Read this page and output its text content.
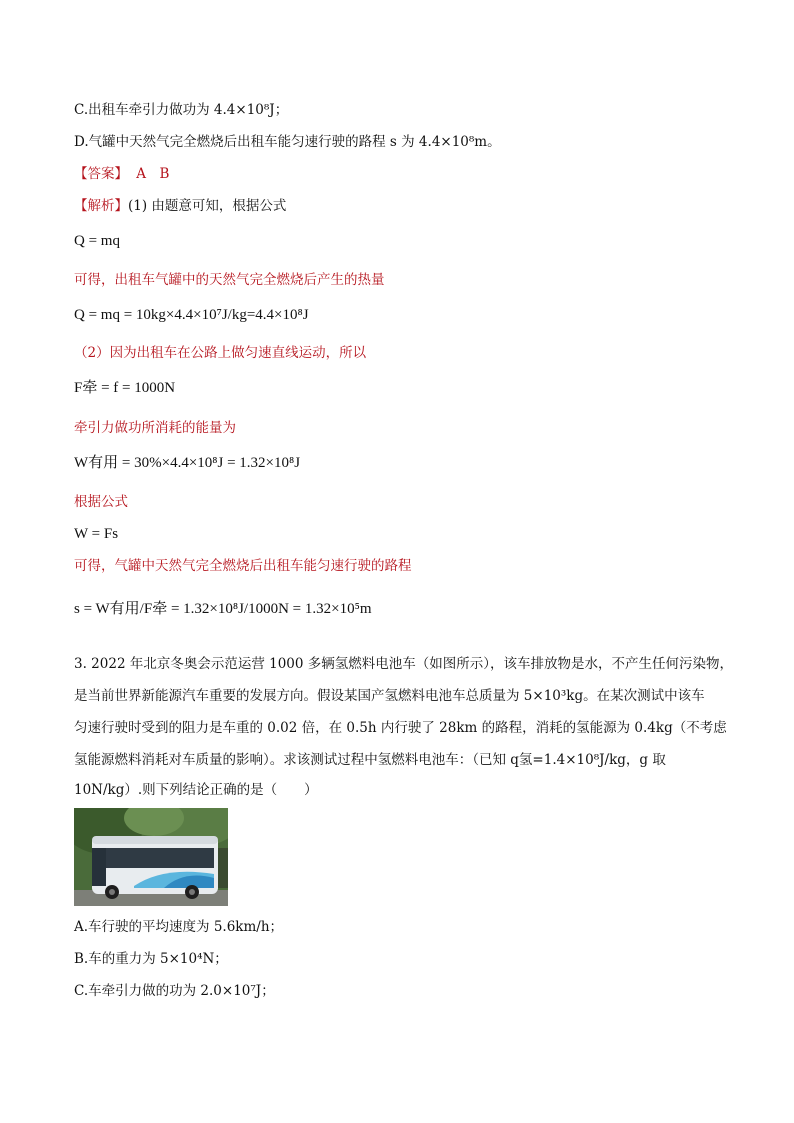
C.出租车牵引力做功为 4.4×10⁸J；
D.气罐中天然气完全燃烧后出租车能匀速行驶的路程 s 为 4.4×10⁸m。
【答案】 A　B
【解析】(1) 由题意可知，根据公式
Q = mq
可得，出租车气罐中的天然气完全燃烧后产生的热量
Q = mq = 10kg×4.4×10⁷J/kg=4.4×10⁸J
（2）因为出租车在公路上做匀速直线运动，所以
F牵 = f = 1000N
牵引力做功所消耗的能量为
W有用 = 30%×4.4×10⁸J = 1.32×10⁸J
根据公式
W = Fs
可得，气罐中天然气完全燃烧后出租车能匀速行驶的路程
s = W有用/F牵 = 1.32×10⁸J/1000N = 1.32×10⁵m
3. 2022 年北京冬奥会示范运营 1000 多辆氢燃料电池车（如图所示），该车排放物是水，不产生任何污染物，
是当前世界新能源汽车重要的发展方向。假设某国产氢燃料电池车总质量为 5×10³kg。在某次测试中该车
匀速行驶时受到的阻力是车重的 0.02 倍，在 0.5h 内行驶了 28km 的路程，消耗的氢能源为 0.4kg（不考虑
氢能源燃料消耗对车质量的影响）。求该测试过程中氢燃料电池车：（已知 q氢=1.4×10⁸J/kg，g 取
10N/kg）.则下列结论正确的是（　　）
A.车行驶的平均速度为 5.6km/h；
B.车的重力为 5×10⁴N；
C.车牵引力做的功为 2.0×10⁷J；
